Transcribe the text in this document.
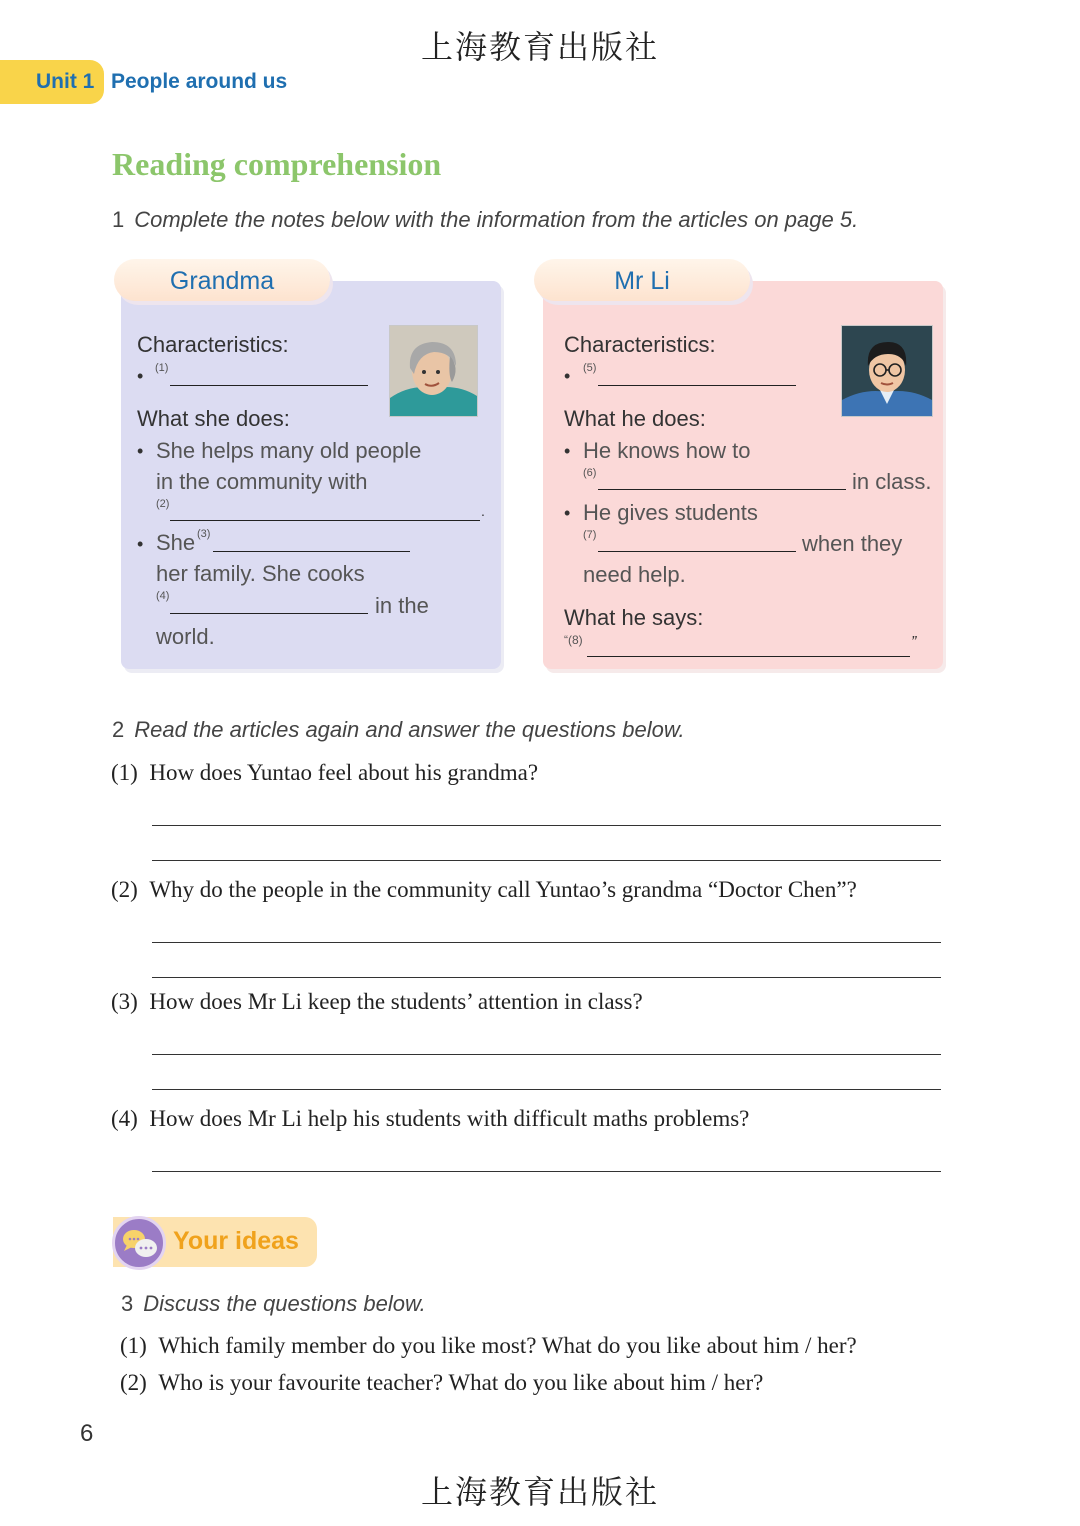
上海教育出版社
Unit 1 People around us
Reading comprehension
1 Complete the notes below with the information from the articles on page 5.
Grandma
Characteristics:
• (1)
What she does:
• She helps many old people
in the community with
(2)	.
• She (3)
her family. She cooks
(4)	in the
world.
Mr Li
Characteristics:
• (5)
What he does:
• He knows how to
(6)	in class.
• He gives students
(7)	when they
need help.
What he says:
“(8)	”
2 Read the articles again and answer the questions below.
(1) How does Yuntao feel about his grandma?
(2) Why do the people in the community call Yuntao’s grandma “Doctor Chen”?
(3) How does Mr Li keep the students’ attention in class?
(4) How does Mr Li help his students with difficult maths problems?
Your ideas
3 Discuss the questions below.
(1) Which family member do you like most? What do you like about him / her?
(2) Who is your favourite teacher? What do you like about him / her?
6
上海教育出版社
